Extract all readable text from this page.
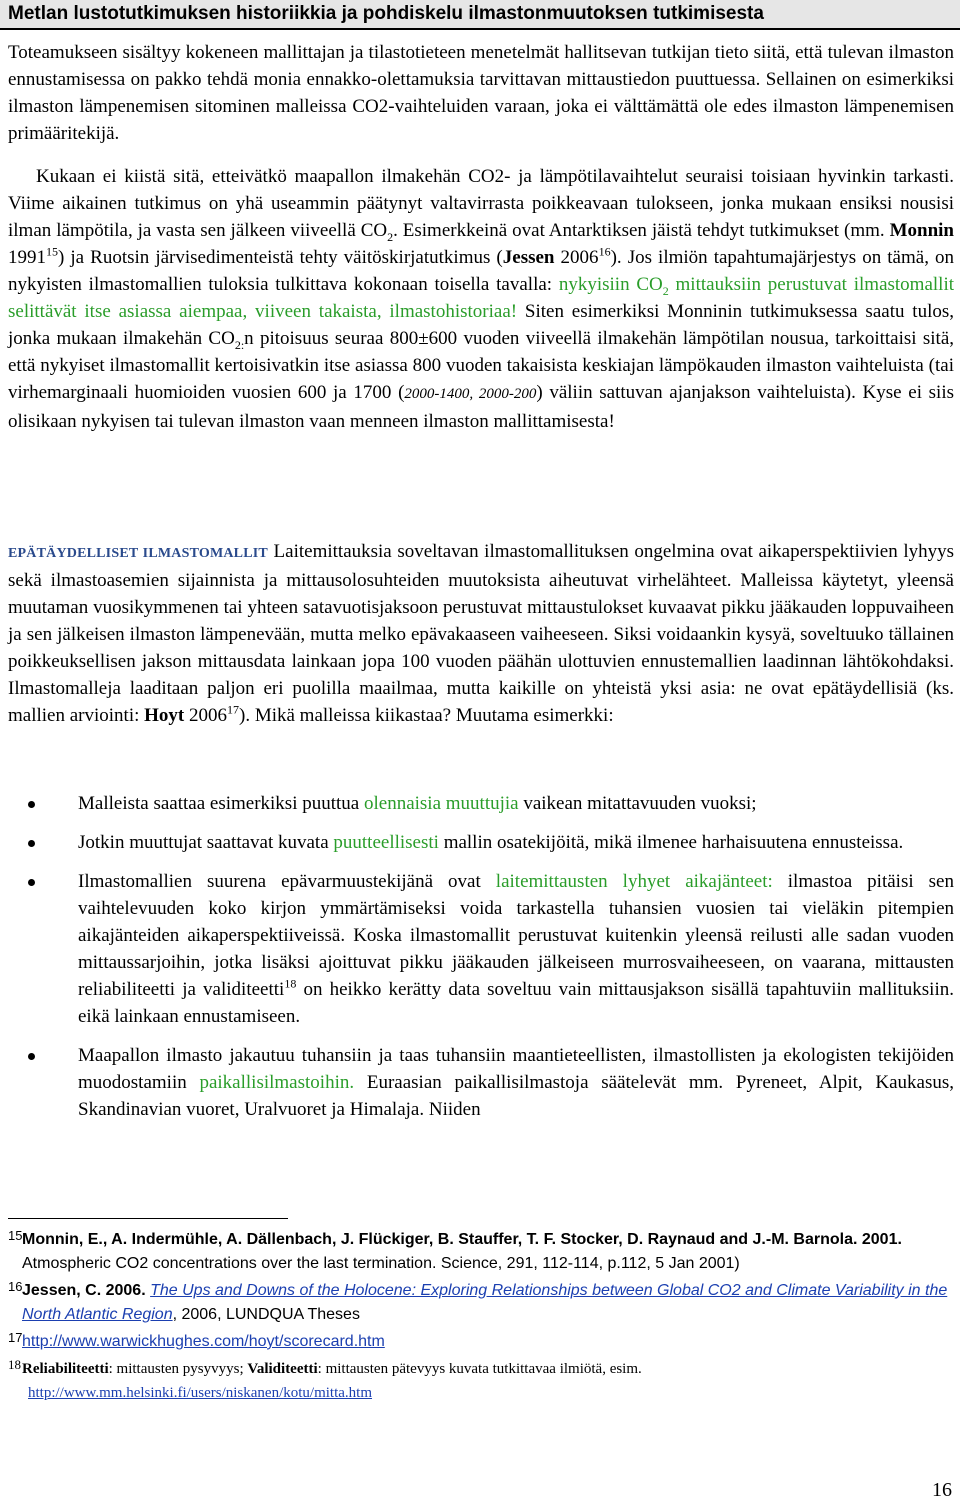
Metlan lustotutkimuksen historiikkia ja pohdiskelu ilmastonmuutoksen tutkimisesta
Toteamukseen sisältyy kokeneen mallittajan ja tilastotieteen menetelmät hallitsevan tutkijan tieto siitä, että tulevan ilmaston ennustamisessa on pakko tehdä monia ennakko-olettamuksia tarvittavan mittaustiedon puuttuessa. Sellainen on esimerkiksi ilmaston lämpenemisen sitominen malleissa CO2-vaihteluiden varaan, joka ei välttämättä ole edes ilmaston lämpenemisen primääritekijä.
Kukaan ei kiistä sitä, etteivätkö maapallon ilmakehän CO2- ja lämpötilavaihtelut seuraisi toisiaan hyvinkin tarkasti. Viime aikainen tutkimus on yhä useammin päätynyt valtavirrasta poikkeavaan tulokseen, jonka mukaan ensiksi nousisi ilman lämpötila, ja vasta sen jälkeen viiveellä $CO_2$. Esimerkkeinä ovat Antarktiksen jäistä tehdyt tutkimukset (mm. Monnin 1991$^{15}$) ja Ruotsin järvisedimenteistä tehty väitöskirjatutkimus (Jessen 2006$^{16}$). Jos ilmiön tapahtumajärjestys on tämä, on nykyisten ilmastomallien tuloksia tulkittava kokonaan toisella tavalla: nykyisiin $CO_2$ mittauksiin perustuvat ilmastomallit selittävät itse asiassa aiempaa, viiveen takaista, ilmastohistoriaa! Siten esimerkiksi Monninin tutkimuksessa saatu tulos, jonka mukaan ilmakehän $CO_{2:}n$ pitoisuus seuraa 800±600 vuoden viiveellä ilmakehän lämpötilan nousua, tarkoittaisi sitä, että nykyiset ilmastomallit kertoisivatkin itse asiassa 800 vuoden takaisista keskiajan lämpökauden ilmaston vaihteluista (tai virhemarginaali huomioiden vuosien 600 ja 1700 (2000-1400, 2000-200) väliin sattuvan ajanjakson vaihteluista). Kyse ei siis olisikaan nykyisen tai tulevan ilmaston vaan menneen ilmaston mallittamisesta!
EPÄTÄYDELLISET ILMASTOMALLIT Laitemittauksia soveltavan ilmastomallituksen ongelmina ovat aikaperspektiivien lyhyys sekä ilmastoasemien sijainnista ja mittausolosuhteiden muutoksista aiheutuvat virhelähteet. Malleissa käytetyt, yleensä muutaman vuosikymmenen tai yhteen satavuotisjaksoon perustuvat mittaustulokset kuvaavat pikku jääkauden loppuvaiheen ja sen jälkeisen ilmaston lämpenevään, mutta melko epävakaaseen vaiheeseen. Siksi voidaankin kysyä, soveltuuko tällainen poikkeuksellisen jakson mittausdata lainkaan jopa 100 vuoden päähän ulottuvien ennustemallien laadinnan lähtökohdaksi. Ilmastomalleja laaditaan paljon eri puolilla maailmaa, mutta kaikille on yhteistä yksi asia: ne ovat epätäydellisiä (ks. mallien arviointi: Hoyt 2006$^{17}$). Mikä malleissa kiikastaa? Muutama esimerkki:
Malleista saattaa esimerkiksi puuttua olennaisia muuttujia vaikean mitattavuuden vuoksi;
Jotkin muuttujat saattavat kuvata puutteellisesti mallin osatekijöitä, mikä ilmenee harhaisuutena ennusteissa.
Ilmastomallien suurena epävarmuustekijänä ovat laitemittausten lyhyet aikajänteet: ilmastoa pitäisi sen vaihtelevuuden koko kirjon ymmärtämiseksi voida tarkastella tuhansien vuosien tai vieläkin pitempien aikajänteiden aikaperspektiiveissä. Koska ilmastomallit perustuvat kuitenkin yleensä reilusti alle sadan vuoden mittaussarjoihin, jotka lisäksi ajoittuvat pikku jääkauden jälkeiseen murrosvaiheeseen, on vaarana, mittausten reliabiliteetti ja validiteetti$^{18}$ on heikko kerätty data soveltuu vain mittausjakson sisällä tapahtuviin mallituksiin. eikä lainkaan ennustamiseen.
Maapallon ilmasto jakautuu tuhansiin ja taas tuhansiin maantieteellisten, ilmastollisten ja ekologisten tekijöiden muodostamiin paikallisilmastoihin. Euraasian paikallisilmastoja säätelevät mm. Pyreneet, Alpit, Kaukasus, Skandinavian vuoret, Uralvuoret ja Himalaja. Niiden
15 Monnin, E., A. Indermühle, A. Dällenbach, J. Flückiger, B. Stauffer, T. F. Stocker, D. Raynaud and J.-M. Barnola. 2001. Atmospheric CO2 concentrations over the last termination. Science, 291, 112-114, p.112, 5 Jan 2001)
16 Jessen, C. 2006. The Ups and Downs of the Holocene: Exploring Relationships between Global CO2 and Climate Variability in the North Atlantic Region, 2006, LUNDQUA Theses
17 http://www.warwickhughes.com/hoyt/scorecard.htm
18 Reliabiliteetti: mittausten pysyvyys; Validiteetti: mittausten pätevyys kuvata tutkittavaa ilmiötä, esim.
http://www.mm.helsinki.fi/users/niskanen/kotu/mitta.htm
16
